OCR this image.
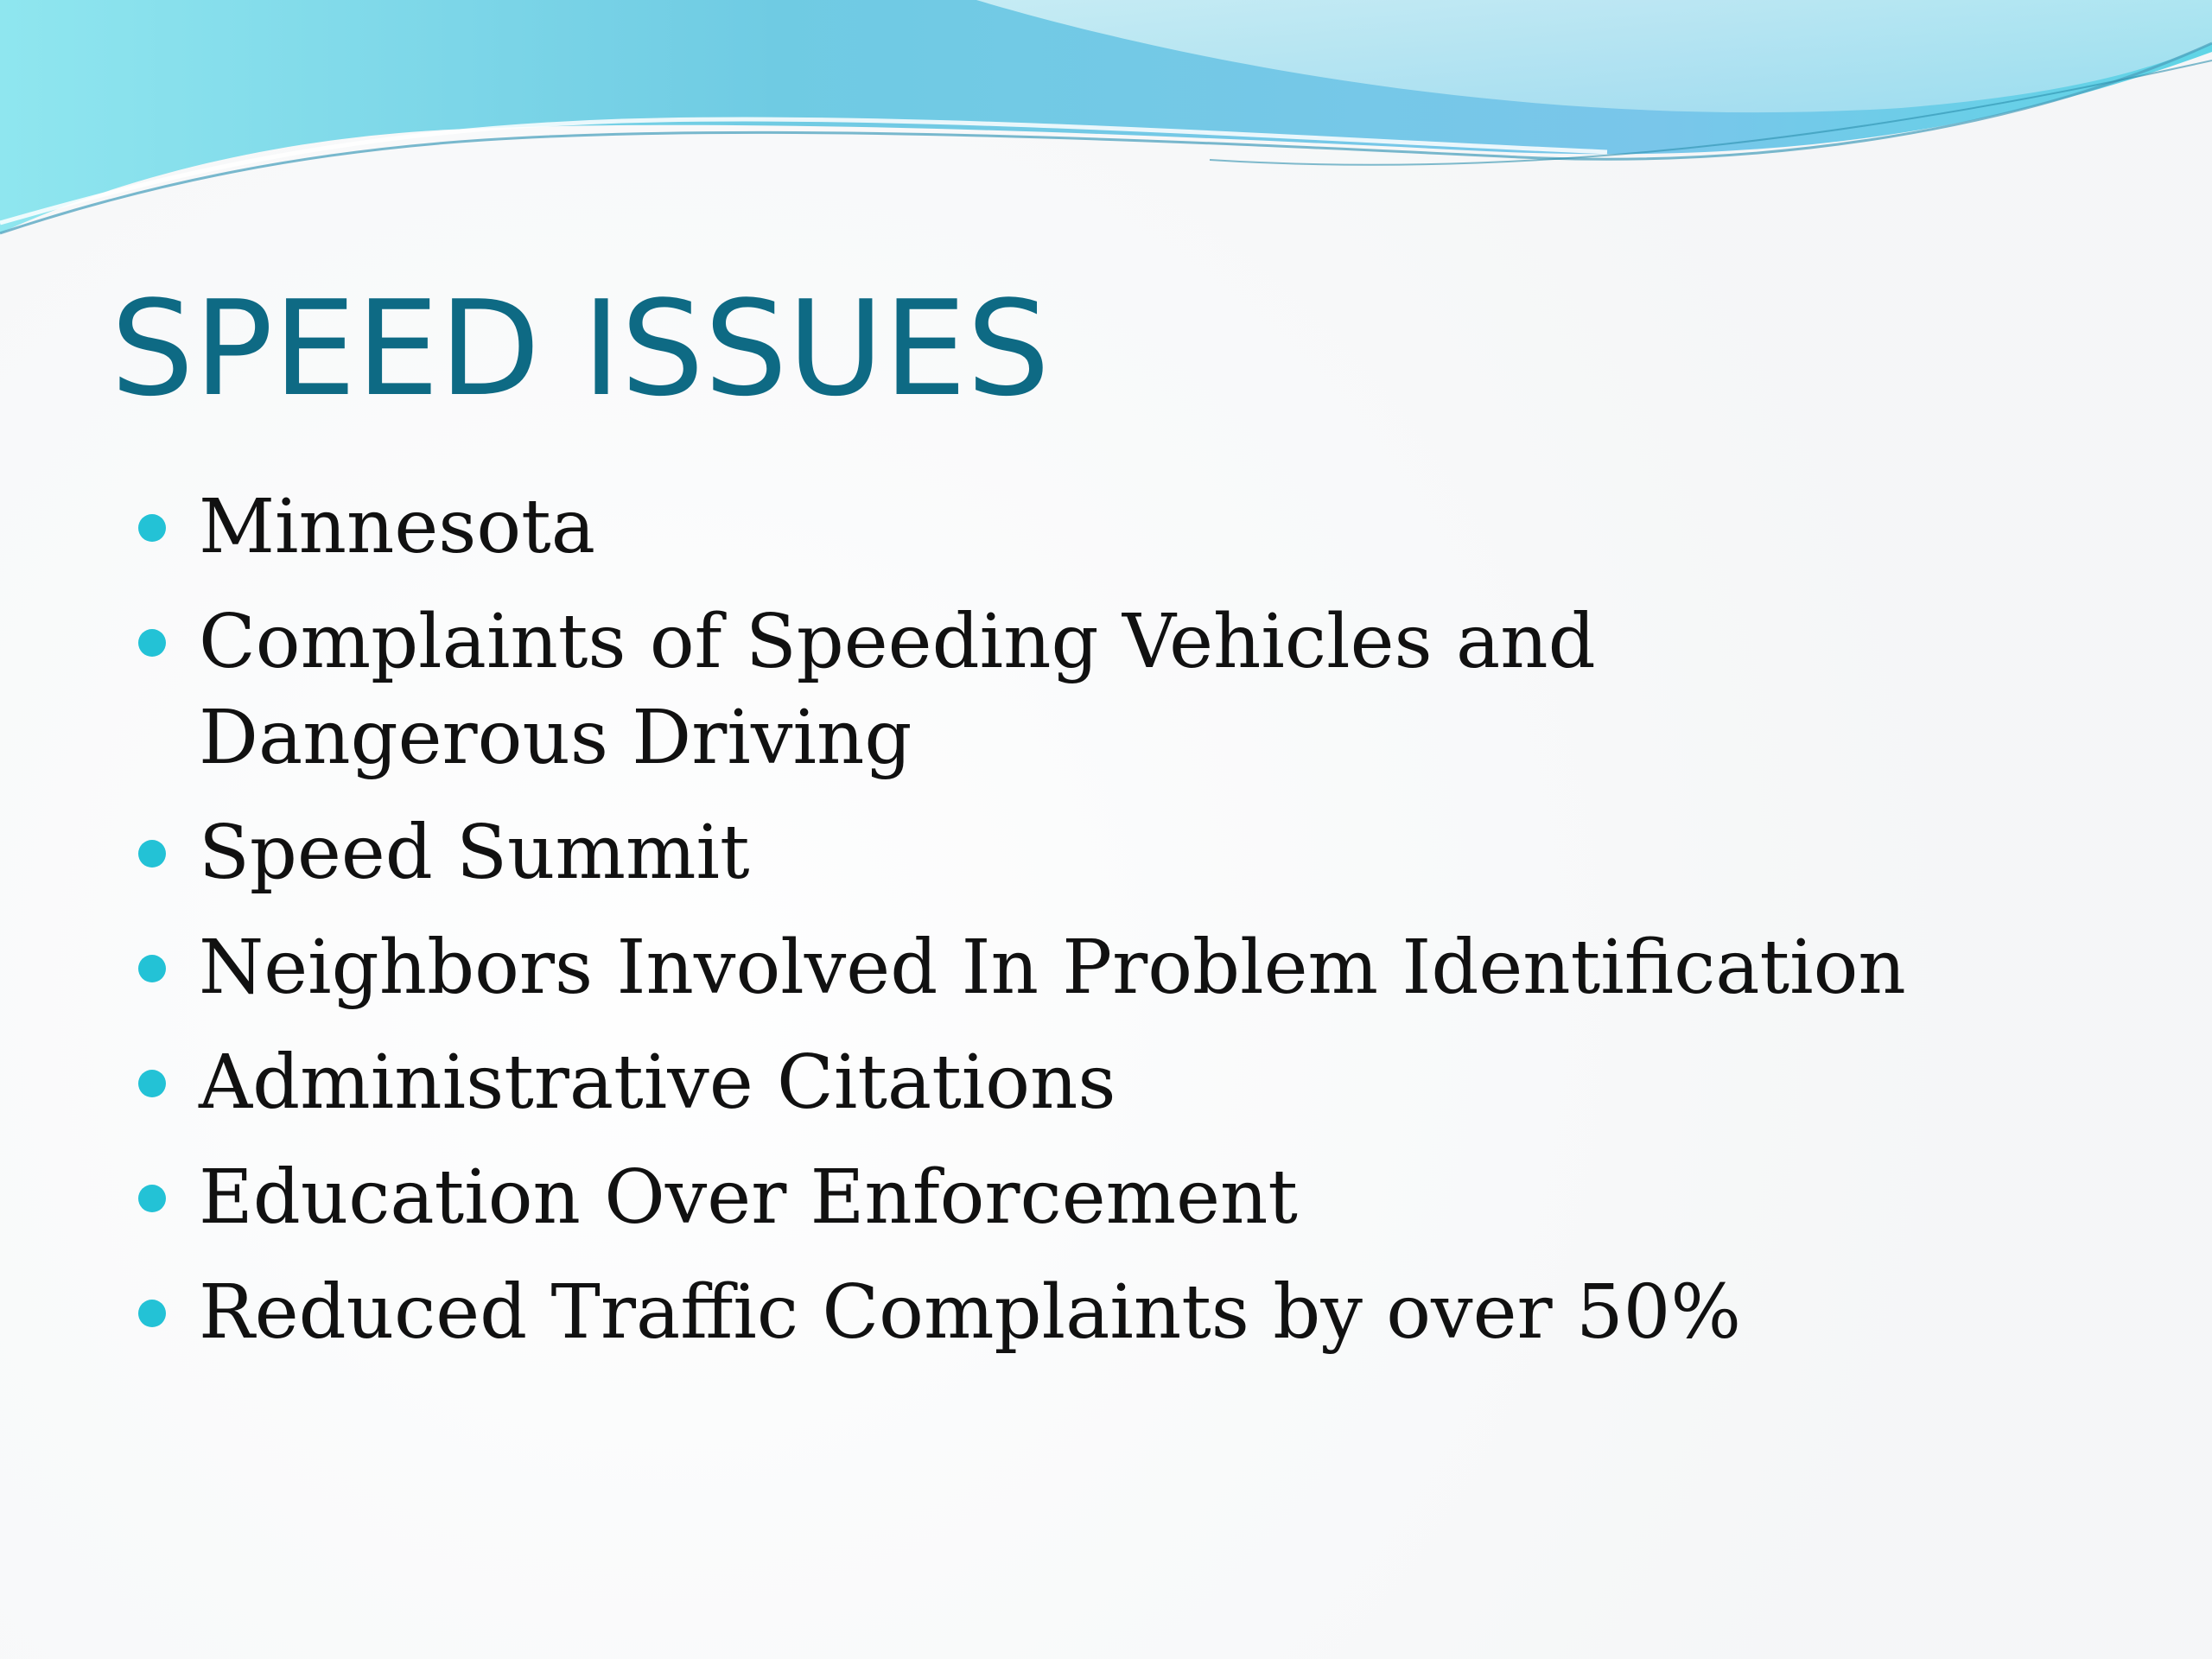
SPEED ISSUES
Minnesota
Complaints of Speeding Vehicles and Dangerous Driving
Speed Summit
Neighbors Involved In Problem Identification
Administrative Citations
Education Over Enforcement
Reduced Traffic Complaints by over 50%
